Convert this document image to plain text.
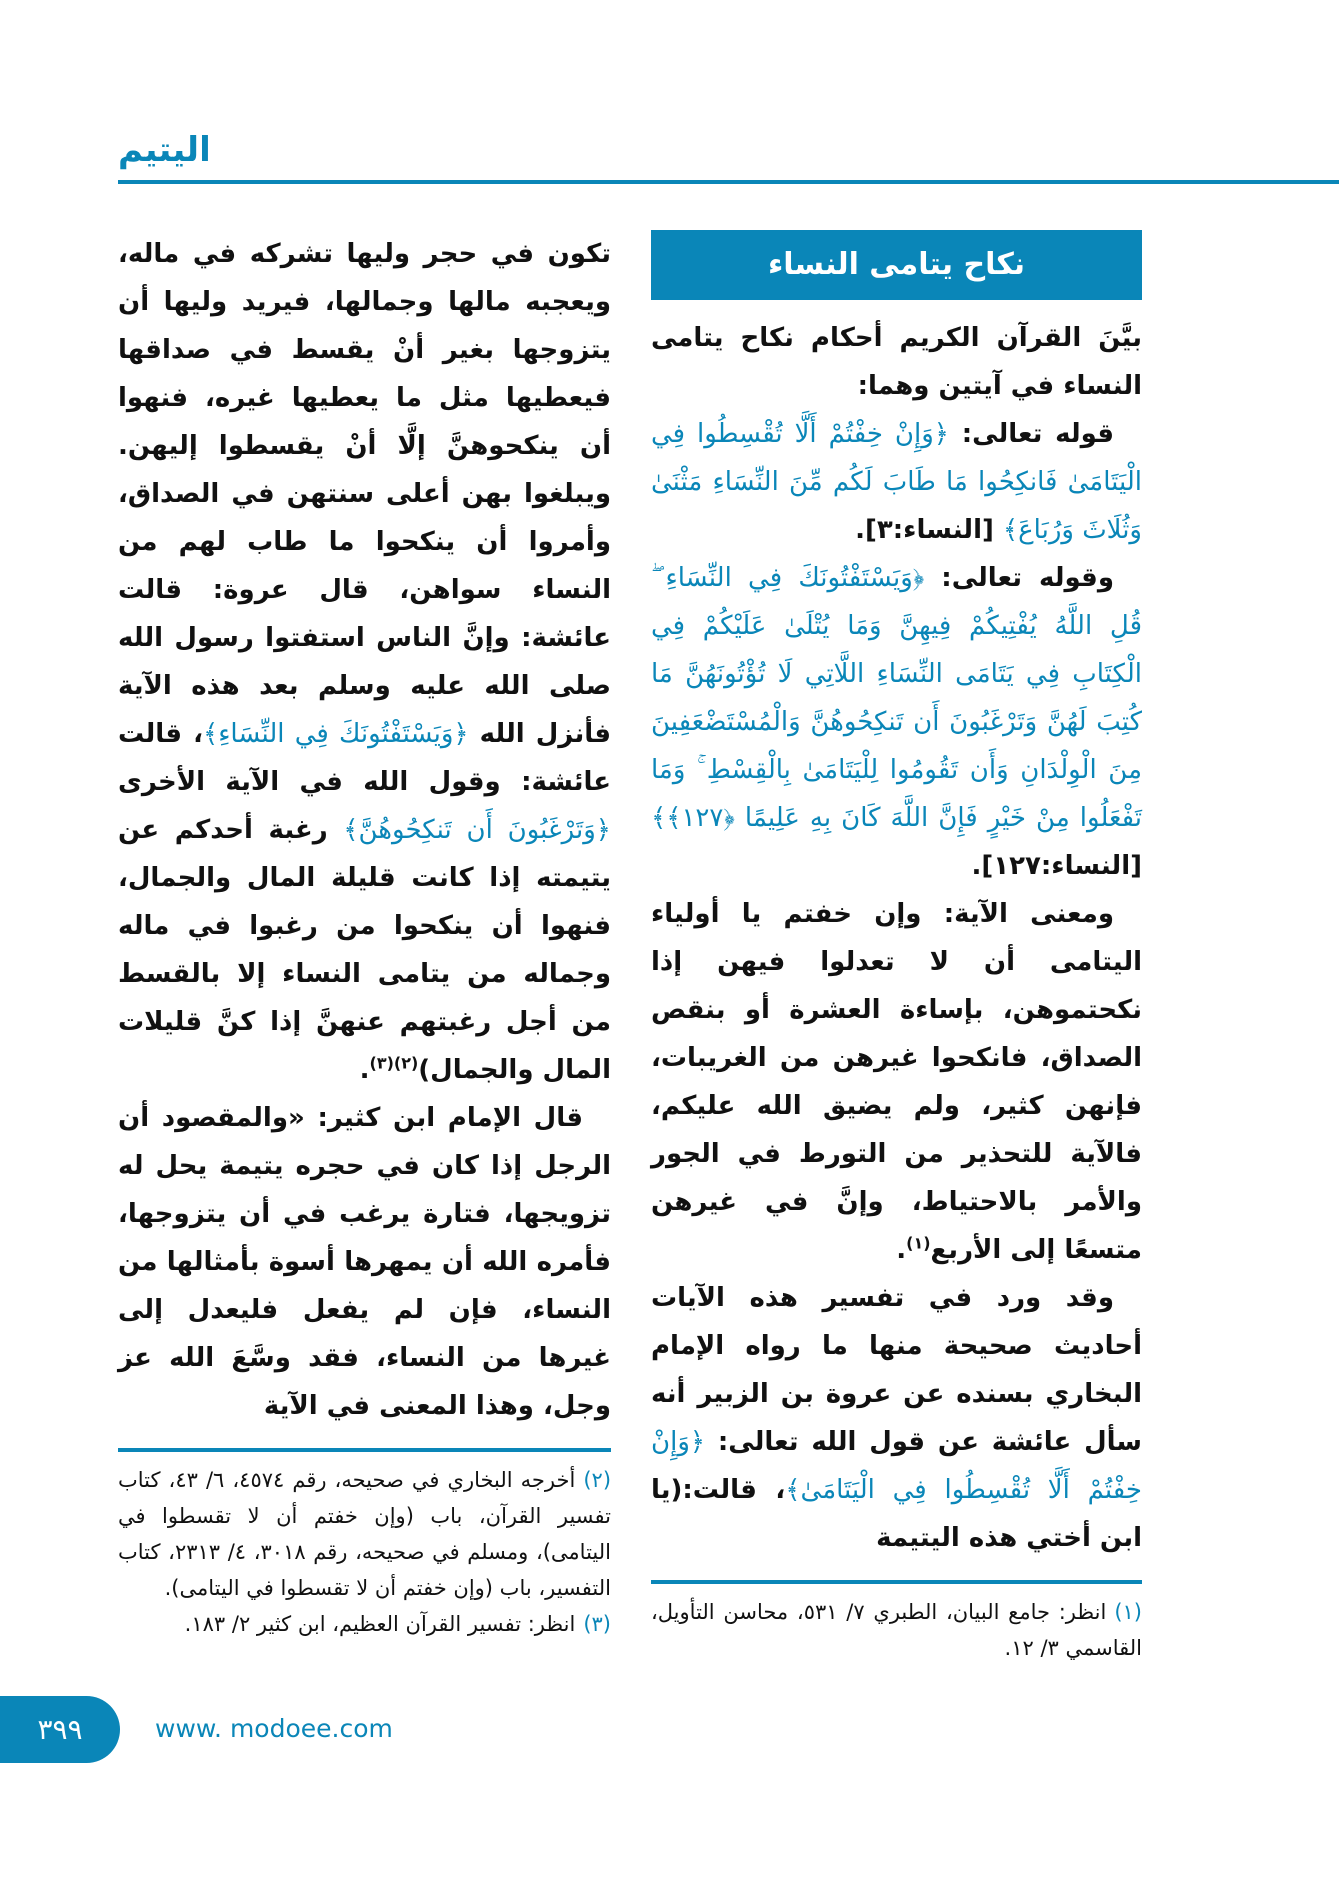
اليتيم
نكاح يتامى النساء

بيَّنَ القرآن الكريم أحكام نكاح يتامى النساء في آيتين وهما:

قوله تعالى: ﴿وَإِنْ خِفْتُمْ أَلَّا تُقْسِطُوا فِي الْيَتَامَىٰ فَانكِحُوا مَا طَابَ لَكُم مِّنَ النِّسَاءِ مَثْنَىٰ وَثُلَاثَ وَرُبَاعَ﴾ [النساء:٣].

وقوله تعالى: ﴿وَيَسْتَفْتُونَكَ فِي النِّسَاءِ ۖ قُلِ اللَّهُ يُفْتِيكُمْ فِيهِنَّ وَمَا يُتْلَىٰ عَلَيْكُمْ فِي الْكِتَابِ فِي يَتَامَى النِّسَاءِ اللَّاتِي لَا تُؤْتُونَهُنَّ مَا كُتِبَ لَهُنَّ وَتَرْغَبُونَ أَن تَنكِحُوهُنَّ وَالْمُسْتَضْعَفِينَ مِنَ الْوِلْدَانِ وَأَن تَقُومُوا لِلْيَتَامَىٰ بِالْقِسْطِ ۚ وَمَا تَفْعَلُوا مِنْ خَيْرٍ فَإِنَّ اللَّهَ كَانَ بِهِ عَلِيمًا ﴿١٢٧﴾﴾ [النساء:١٢٧].

ومعنى الآية: وإن خفتم يا أولياء اليتامى أن لا تعدلوا فيهن إذا نكحتموهن، بإساءة العشرة أو بنقص الصداق، فانكحوا غيرهن من الغريبات، فإنهن كثير، ولم يضيق الله عليكم، فالآية للتحذير من التورط في الجور والأمر بالاحتياط، وإنَّ في غيرهن متسعًا إلى الأربع$^{(١)}$.

وقد ورد في تفسير هذه الآيات أحاديث صحيحة منها ما رواه الإمام البخاري بسنده عن عروة بن الزبير أنه سأل عائشة عن قول الله تعالى: ﴿وَإِنْ خِفْتُمْ أَلَّا تُقْسِطُوا فِي الْيَتَامَىٰ﴾، قالت:(يا ابن أختي هذه اليتيمة

(١)انظر: جامع البيان، الطبري ٧/ ٥٣١، محاسن التأويل، القاسمي ٣/ ١٢.

تكون في حجر وليها تشركه في ماله، ويعجبه مالها وجمالها، فيريد وليها أن يتزوجها بغير أنْ يقسط في صداقها فيعطيها مثل ما يعطيها غيره، فنهوا أن ينكحوهنَّ إلَّا أنْ يقسطوا إليهن. ويبلغوا بهن أعلى سنتهن في الصداق، وأمروا أن ينكحوا ما طاب لهم من النساء سواهن، قال عروة: قالت عائشة: وإنَّ الناس استفتوا رسول الله صلى الله عليه وسلم بعد هذه الآية فأنزل الله ﴿وَيَسْتَفْتُونَكَ فِي النِّسَاءِ﴾، قالت عائشة: وقول الله في الآية الأخرى ﴿وَتَرْغَبُونَ أَن تَنكِحُوهُنَّ﴾ رغبة أحدكم عن يتيمته إذا كانت قليلة المال والجمال، فنهوا أن ينكحوا من رغبوا في ماله وجماله من يتامى النساء إلا بالقسط من أجل رغبتهم عنهنَّ إذا كنَّ قليلات المال والجمال)$^{(٢)(٣)}$.

قال الإمام ابن كثير: «والمقصود أن الرجل إذا كان في حجره يتيمة يحل له تزويجها، فتارة يرغب في أن يتزوجها، فأمره الله أن يمهرها أسوة بأمثالها من النساء، فإن لم يفعل فليعدل إلى غيرها من النساء، فقد وسَّعَ الله عز وجل، وهذا المعنى في الآية

(٢)أخرجه البخاري في صحيحه، رقم ٤٥٧٤، ٦/ ٤٣، كتاب تفسير القرآن، باب (وإن خفتم أن لا تقسطوا في اليتامى)، ومسلم في صحيحه، رقم ٣٠١٨، ٤/ ٢٣١٣، كتاب التفسير، باب (وإن خفتم أن لا تقسطوا في اليتامى).
(٣)انظر: تفسير القرآن العظيم، ابن كثير ٢/ ١٨٣.
٣٩٩	www. modoee.com
